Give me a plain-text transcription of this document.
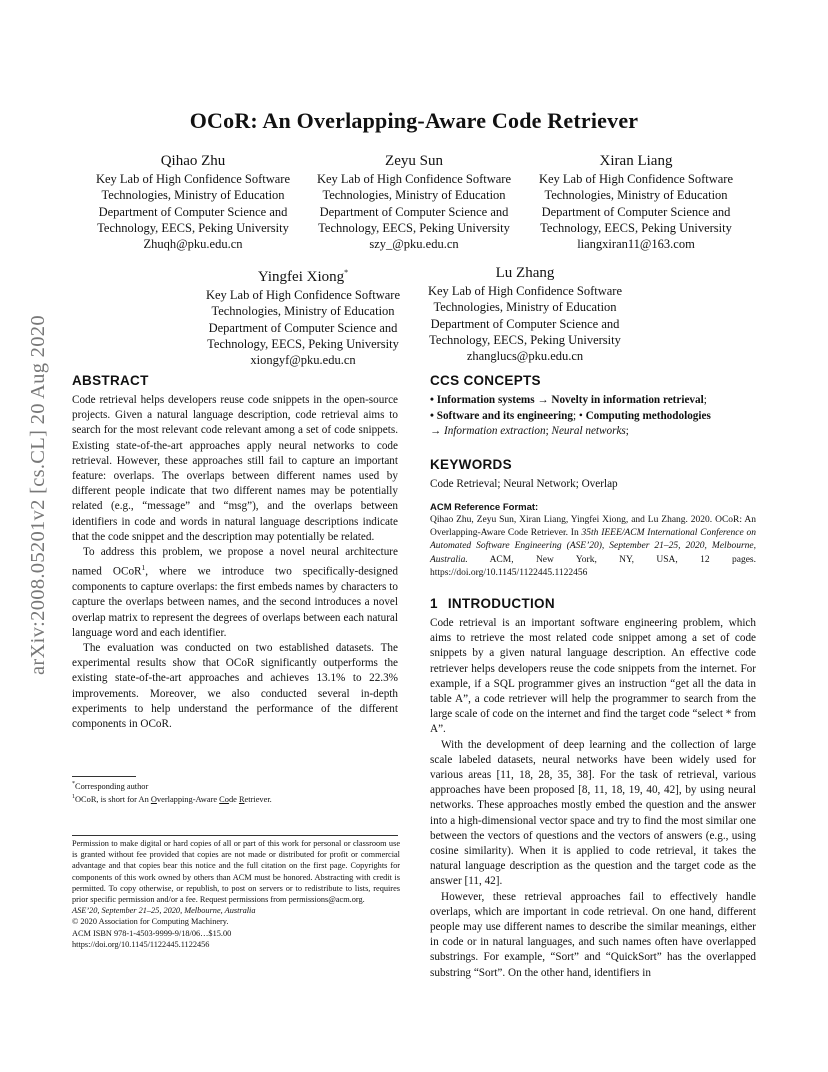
arXiv:2008.05201v2 [cs.CL] 20 Aug 2020
OCoR: An Overlapping-Aware Code Retriever
Qihao Zhu
Key Lab of High Confidence Software
Technologies, Ministry of Education
Department of Computer Science and
Technology, EECS, Peking University
Zhuqh@pku.edu.cn
Zeyu Sun
Key Lab of High Confidence Software
Technologies, Ministry of Education
Department of Computer Science and
Technology, EECS, Peking University
szy_@pku.edu.cn
Xiran Liang
Key Lab of High Confidence Software
Technologies, Ministry of Education
Department of Computer Science and
Technology, EECS, Peking University
liangxiran11@163.com
Yingfei Xiong*
Key Lab of High Confidence Software
Technologies, Ministry of Education
Department of Computer Science and
Technology, EECS, Peking University
xiongyf@pku.edu.cn
Lu Zhang
Key Lab of High Confidence Software
Technologies, Ministry of Education
Department of Computer Science and
Technology, EECS, Peking University
zhanglucs@pku.edu.cn
ABSTRACT

Code retrieval helps developers reuse code snippets in the open-source projects. Given a natural language description, code retrieval aims to search for the most relevant code relevant among a set of code snippets. Existing state-of-the-art approaches apply neural networks to code retrieval. However, these approaches still fail to capture an important feature: overlaps. The overlaps between different names used by different people indicate that two different names may be potentially related (e.g., “message” and “msg”), and the overlaps between identifiers in code and words in natural language descriptions indicate that the code snippet and the description may potentially be related.

To address this problem, we propose a novel neural architecture named OCoR$^1$, where we introduce two specifically-designed components to capture overlaps: the first embeds names by characters to capture the overlaps between names, and the second introduces a novel overlap matrix to represent the degrees of overlaps between each natural language word and each identifier.

The evaluation was conducted on two established datasets. The experimental results show that OCoR significantly outperforms the existing state-of-the-art approaches and achieves 13.1% to 22.3% improvements. Moreover, we also conducted several in-depth experiments to help understand the performance of the different components in OCoR.

*Corresponding author
$^1$OCoR, is short for An Overlapping-Aware Code Retriever.

Permission to make digital or hard copies of all or part of this work for personal or classroom use is granted without fee provided that copies are not made or distributed for profit or commercial advantage and that copies bear this notice and the full citation on the first page. Copyrights for components of this work owned by others than ACM must be honored. Abstracting with credit is permitted. To copy otherwise, or republish, to post on servers or to redistribute to lists, requires prior specific permission and/or a fee. Request permissions from permissions@acm.org.

ASE’20, September 21–25, 2020, Melbourne, Australia

© 2020 Association for Computing Machinery.

ACM ISBN 978-1-4503-9999-9/18/06…$15.00

https://doi.org/10.1145/1122445.1122456

CCS CONCEPTS
• Information systems → Novelty in information retrieval;
• Software and its engineering; • Computing methodologies
→ Information extraction; Neural networks;
KEYWORDS
Code Retrieval; Neural Network; Overlap
ACM Reference Format:
Qihao Zhu, Zeyu Sun, Xiran Liang, Yingfei Xiong, and Lu Zhang. 2020. OCoR: An Overlapping-Aware Code Retriever. In 35th IEEE/ACM International Conference on Automated Software Engineering (ASE’20), September 21–25, 2020, Melbourne, Australia. ACM, New York, NY, USA, 12 pages. https://doi.org/10.1145/1122445.1122456
1 INTRODUCTION

Code retrieval is an important software engineering problem, which aims to retrieve the most related code snippet among a set of code snippets by a given natural language description. An effective code retriever helps developers reuse the code snippets from the internet. For example, if a SQL programmer gives an instruction “get all the data in table A”, a code retriever will help the programmer to search from the large scale of code on the internet and find the target code “select * from A”.

With the development of deep learning and the collection of large scale labeled datasets, neural networks have been widely used for various areas [11, 18, 28, 35, 38]. For the task of retrieval, various approaches have been proposed [8, 11, 18, 19, 40, 42], by using neural networks. These approaches mostly embed the question and the answer into a high-dimensional vector space and try to find the most similar one between the vectors of questions and the vectors of answers (e.g., using cosine similarity). When it is applied to code retrieval, it takes the natural language description as the question and the target code as the answer [11, 42].

However, these retrieval approaches fail to effectively handle overlaps, which are important in code retrieval. On one hand, different people may use different names to describe the similar meanings, either in code or in natural languages, and such names often have overlapped substrings. For example, “Sort” and “QuickSort” has the overlapped substring “Sort”. On the other hand, identifiers in
